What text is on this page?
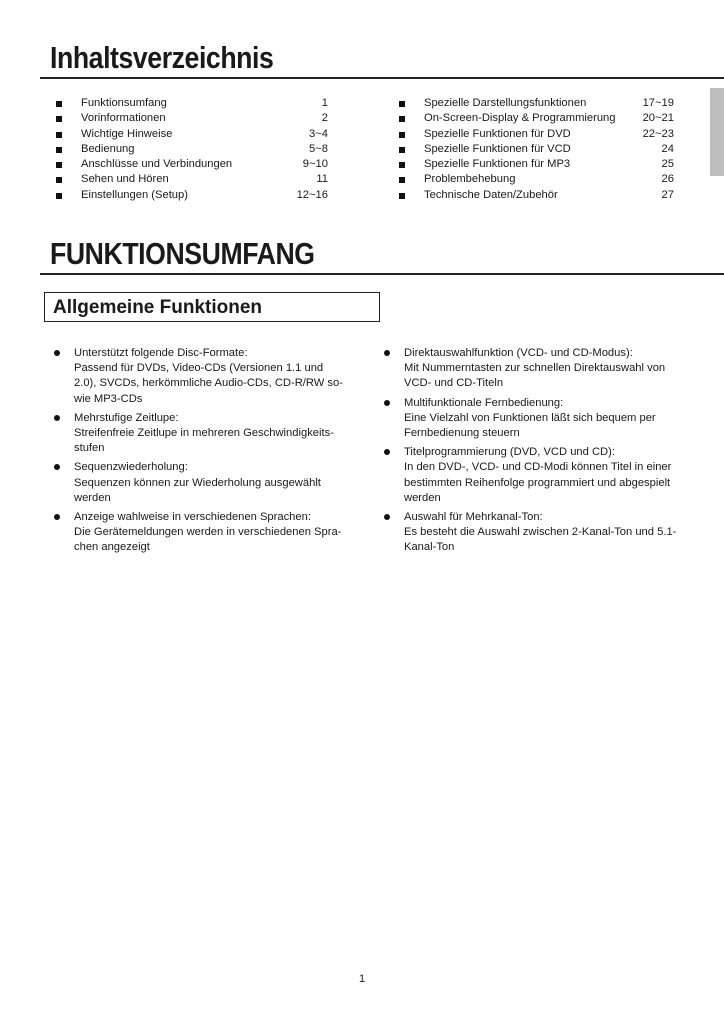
Inhaltsverzeichnis
Funktionsumfang	1
Vorinformationen	2
Wichtige Hinweise	3~4
Bedienung	5~8
Anschlüsse und Verbindungen	9~10
Sehen und Hören	11
Einstellungen (Setup)	12~16
Spezielle Darstellungsfunktionen	17~19
On-Screen-Display & Programmierung 20~21
Spezielle Funktionen für DVD	22~23
Spezielle Funktionen für VCD	24
Spezielle Funktionen für MP3	25
Problembehebung	26
Technische Daten/Zubehör	27
FUNKTIONSUMFANG
Allgemeine Funktionen
Unterstützt folgende Disc-Formate:
Passend für DVDs, Video-CDs (Versionen 1.1 und
2.0), SVCDs, herkömmliche Audio-CDs, CD-R/RW so-
wie MP3-CDs
Mehrstufige Zeitlupe:
Streifenfreie Zeitlupe in mehreren Geschwindigkeits-
stufen
Sequenzwiederholung:
Sequenzen können zur Wiederholung ausgewählt
werden
Anzeige wahlweise in verschiedenen Sprachen:
Die Gerätemeldungen werden in verschiedenen Spra-
chen angezeigt
Direktauswahlfunktion (VCD- und CD-Modus):
Mit Nummerntasten zur schnellen Direktauswahl von
VCD- und CD-Titeln
Multifunktionale Fernbedienung:
Eine Vielzahl von Funktionen läßt sich bequem per
Fernbedienung steuern
Titelprogrammierung (DVD, VCD und CD):
In den DVD-, VCD- und CD-Modi können Titel in einer
bestimmten Reihenfolge programmiert und abgespielt
werden
Auswahl für Mehrkanal-Ton:
Es besteht die Auswahl zwischen 2-Kanal-Ton und 5.1-
Kanal-Ton
1
